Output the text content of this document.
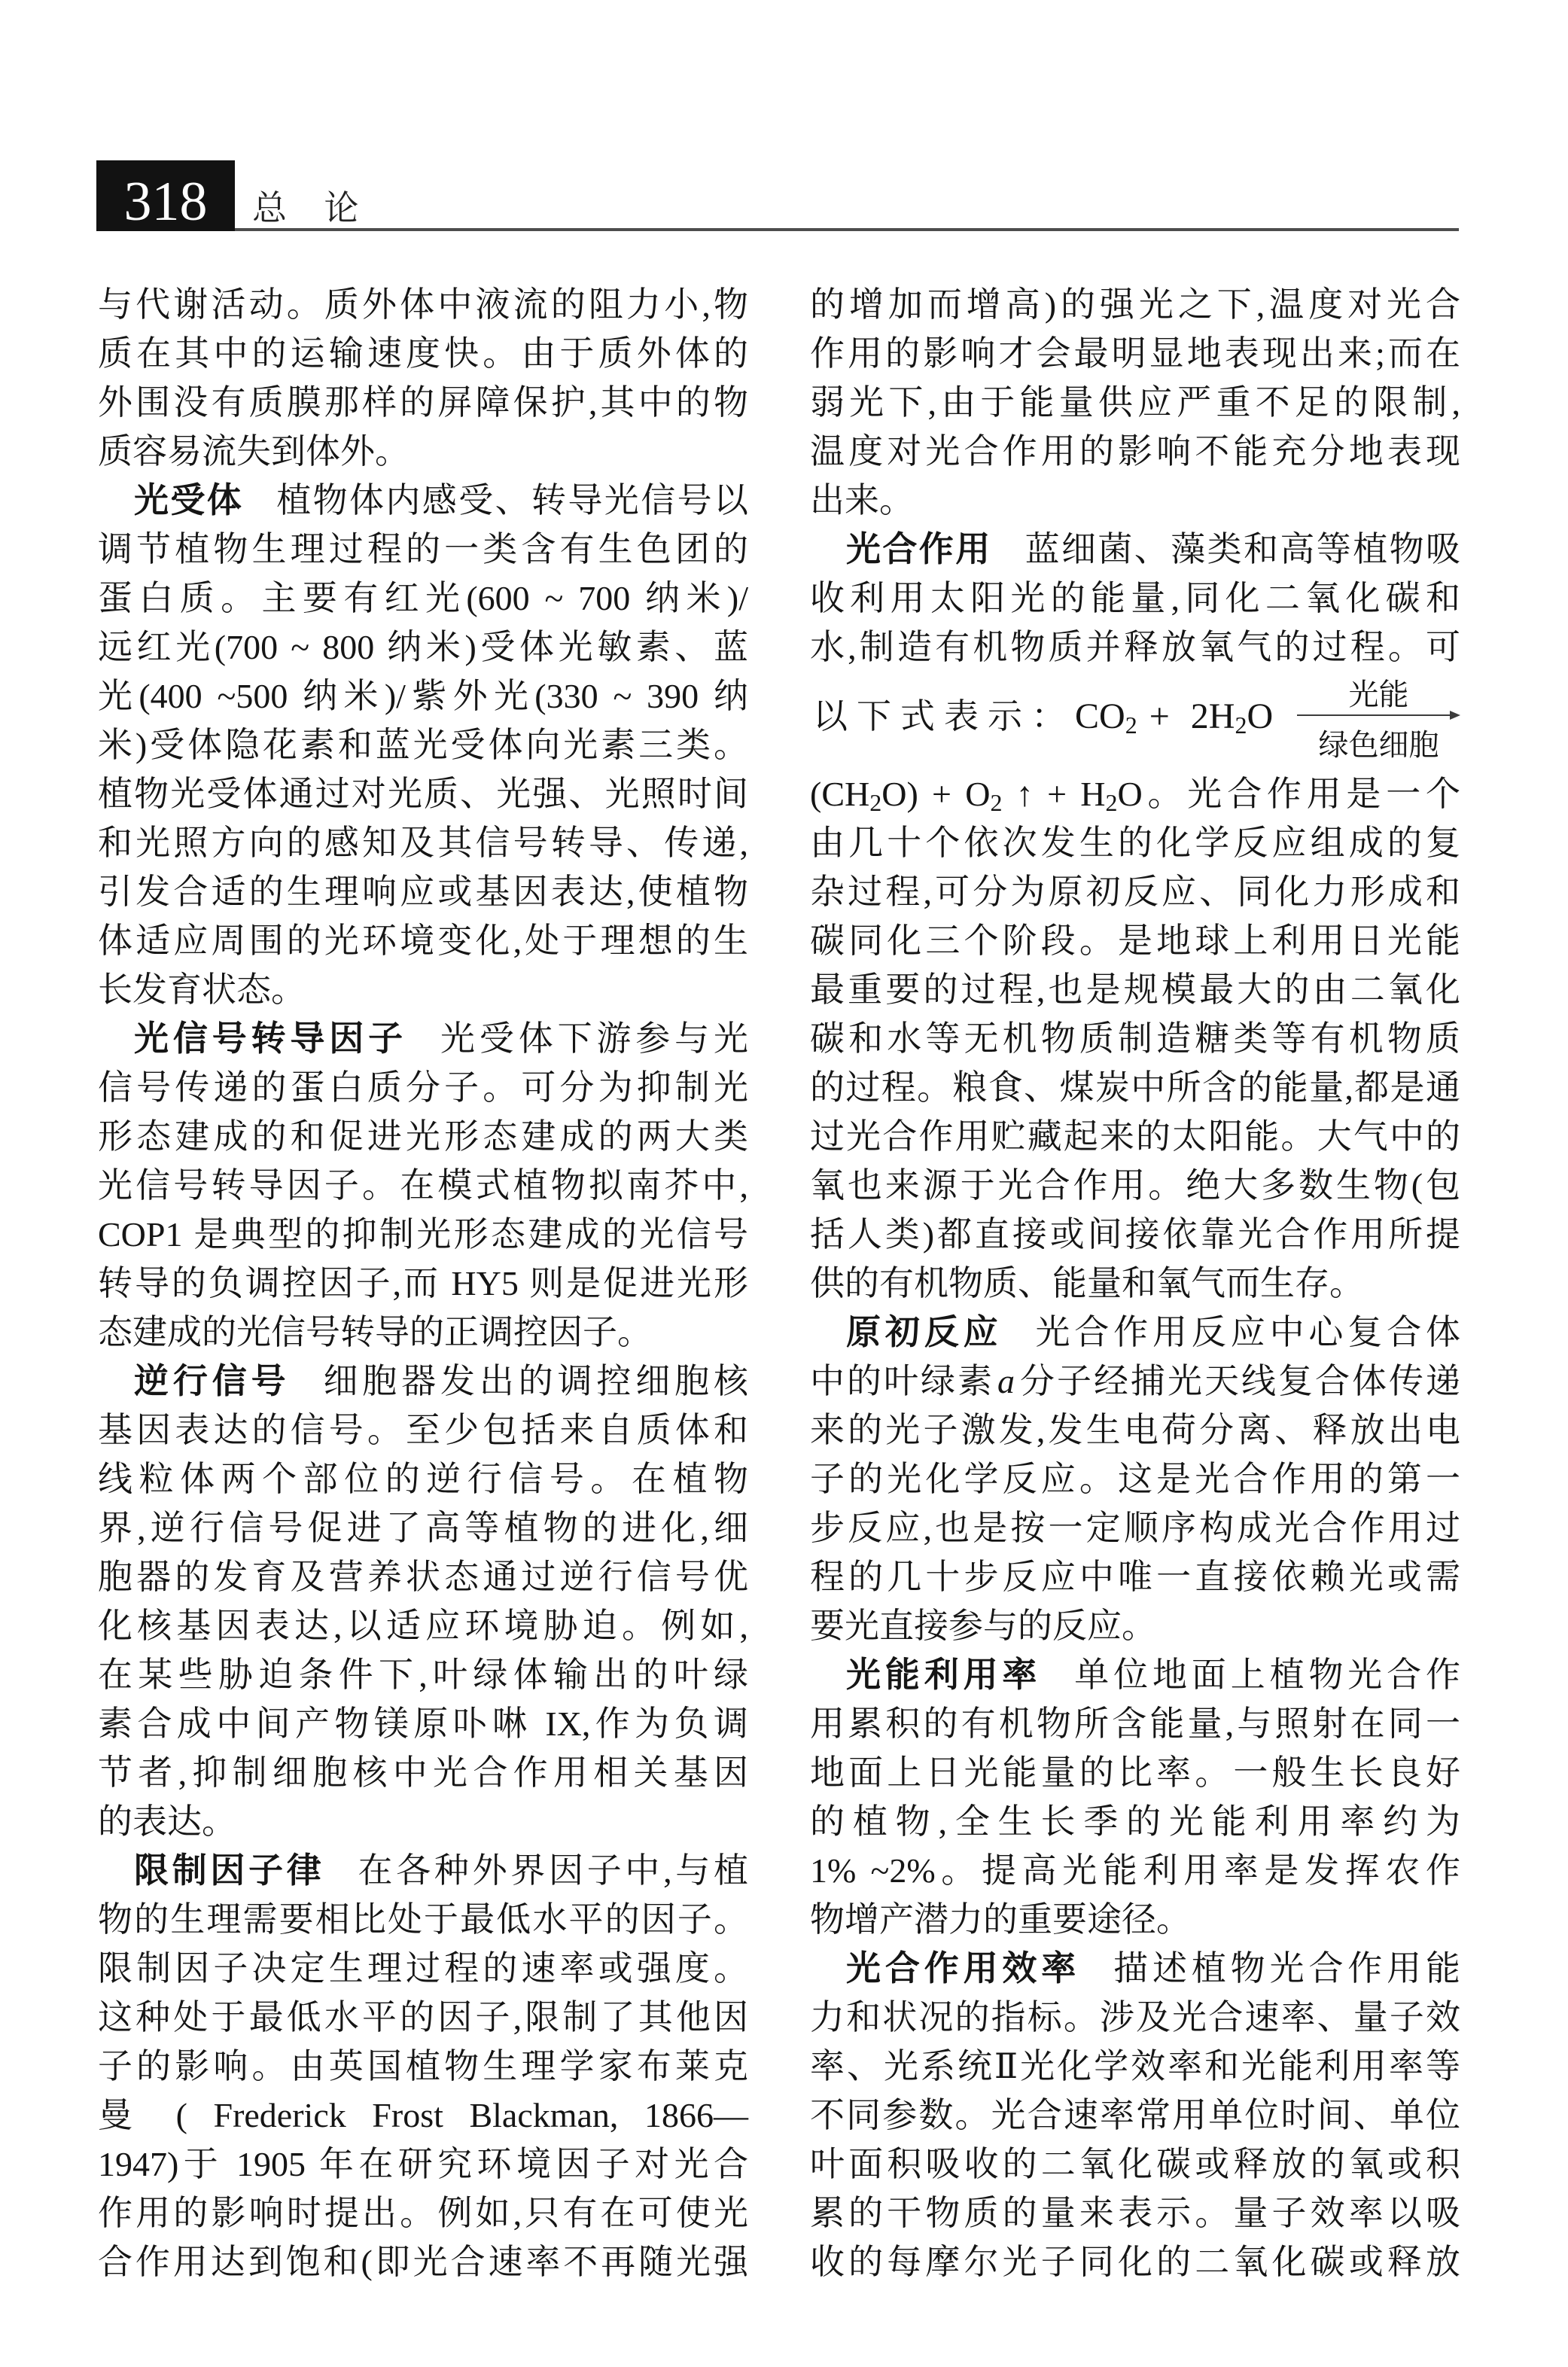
318	总 论
与代谢活动。质外体中液流的阻力小,物
质在其中的运输速度快。由于质外体的
外围没有质膜那样的屏障保护,其中的物
质容易流失到体外。
光受体 植物体内感受、转导光信号以
调节植物生理过程的一类含有生色团的
蛋白质。主要有红光(600 ~ 700 纳米)/
远红光(700 ~ 800 纳米)受体光敏素、蓝
光(400 ~500 纳米)/紫外光(330 ~ 390 纳
米)受体隐花素和蓝光受体向光素三类。
植物光受体通过对光质、光强、光照时间
和光照方向的感知及其信号转导、传递,
引发合适的生理响应或基因表达,使植物
体适应周围的光环境变化,处于理想的生
长发育状态。
光信号转导因子 光受体下游参与光
信号传递的蛋白质分子。可分为抑制光
形态建成的和促进光形态建成的两大类
光信号转导因子。在模式植物拟南芥中,
COP1 是典型的抑制光形态建成的光信号
转导的负调控因子,而 HY5 则是促进光形
态建成的光信号转导的正调控因子。
逆行信号 细胞器发出的调控细胞核
基因表达的信号。至少包括来自质体和
线粒体两个部位的逆行信号。在植物
界,逆行信号促进了高等植物的进化,细
胞器的发育及营养状态通过逆行信号优
化核基因表达,以适应环境胁迫。例如,
在某些胁迫条件下,叶绿体输出的叶绿
素合成中间产物镁原卟啉 IX,作为负调
节者,抑制细胞核中光合作用相关基因
的表达。
限制因子律 在各种外界因子中,与植
物的生理需要相比处于最低水平的因子。
限制因子决定生理过程的速率或强度。
这种处于最低水平的因子,限制了其他因
子的影响。由英国植物生理学家布莱克
曼 ( Frederick Frost Blackman, 1866—
1947)于 1905 年在研究环境因子对光合
作用的影响时提出。例如,只有在可使光
合作用达到饱和(即光合速率不再随光强
的增加而增高)的强光之下,温度对光合
作用的影响才会最明显地表现出来;而在
弱光下,由于能量供应严重不足的限制,
温度对光合作用的影响不能充分地表现
出来。
光合作用 蓝细菌、藻类和高等植物吸
收利用太阳光的能量,同化二氧化碳和
水,制造有机物质并释放氧气的过程。可
以下式表示：$CO_2 + 2H_2O$
光能
绿色细胞
$(CH_2O) + O_2$ ↑ + $H_2O$。光合作用是一个
由几十个依次发生的化学反应组成的复
杂过程,可分为原初反应、同化力形成和
碳同化三个阶段。是地球上利用日光能
最重要的过程,也是规模最大的由二氧化
碳和水等无机物质制造糖类等有机物质
的过程。粮食、煤炭中所含的能量,都是通
过光合作用贮藏起来的太阳能。大气中的
氧也来源于光合作用。绝大多数生物(包
括人类)都直接或间接依靠光合作用所提
供的有机物质、能量和氧气而生存。
原初反应 光合作用反应中心复合体
中的叶绿素a分子经捕光天线复合体传递
来的光子激发,发生电荷分离、释放出电
子的光化学反应。这是光合作用的第一
步反应,也是按一定顺序构成光合作用过
程的几十步反应中唯一直接依赖光或需
要光直接参与的反应。
光能利用率 单位地面上植物光合作
用累积的有机物所含能量,与照射在同一
地面上日光能量的比率。一般生长良好
的植物,全生长季的光能利用率约为
1% ~2%。提高光能利用率是发挥农作
物增产潜力的重要途径。
光合作用效率 描述植物光合作用能
力和状况的指标。涉及光合速率、量子效
率、光系统Ⅱ光化学效率和光能利用率等
不同参数。光合速率常用单位时间、单位
叶面积吸收的二氧化碳或释放的氧或积
累的干物质的量来表示。量子效率以吸
收的每摩尔光子同化的二氧化碳或释放
